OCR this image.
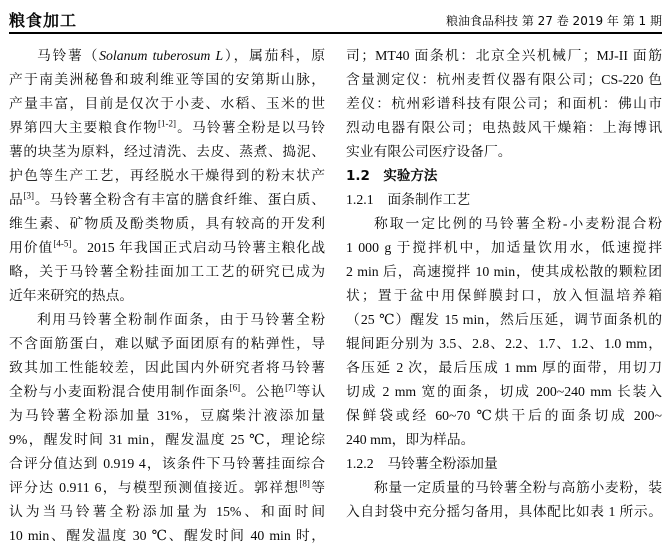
粮食加工	粮油食品科技 第 27 卷 2019 年 第 1 期
马铃薯（Solanum tuberosum L），属茄科，原
产于南美洲秘鲁和玻利维亚等国的安第斯山脉，
产量丰富，目前是仅次于小麦、水稻、玉米的世
界第四大主要粮食作物[1-2]。马铃薯全粉是以马铃
薯的块茎为原料，经过清洗、去皮、蒸煮、捣泥、
护色等生产工艺，再经脱水干燥得到的粉末状产
品[3]。马铃薯全粉含有丰富的膳食纤维、蛋白质、
维生素、矿物质及酚类物质，具有较高的开发利
用价值[4-5]。2015 年我国正式启动马铃薯主粮化战
略，关于马铃薯全粉挂面加工工艺的研究已成为
近年来研究的热点。
利用马铃薯全粉制作面条，由于马铃薯全粉
不含面筋蛋白，难以赋予面团原有的粘弹性，导
致其加工性能较差，因此国内外研究者将马铃薯
全粉与小麦面粉混合使用制作面条[6]。公艳[7]等认
为马铃薯全粉添加量 31%，豆腐柴汁液添加量
9%，醒发时间 31 min，醒发温度 25 ℃，理论综
合评分值达到 0.919 4，该条件下马铃薯挂面综合
评分达 0.911 6，与模型预测值接近。郭祥想[8]等
认为当马铃薯全粉添加量为 15%、和面时间
10 min、醒发温度 30 ℃、醒发时间 40 min 时，
司；MT40 面条机：北京全兴机械厂；MJ-II 面筋
含量测定仪：杭州麦哲仪器有限公司；CS-220 色
差仪：杭州彩谱科技有限公司；和面机：佛山市
烈动电器有限公司；电热鼓风干燥箱：上海博讯
实业有限公司医疗设备厂。
1.2　实验方法
1.2.1　面条制作工艺
称取一定比例的马铃薯全粉-小麦粉混合粉
1 000 g 于搅拌机中，加适量饮用水，低速搅拌
2 min 后，高速搅拌 10 min，使其成松散的颗粒团
状；置于盆中用保鲜膜封口，放入恒温培养箱
（25 ℃）醒发 15 min，然后压延，调节面条机的
辊间距分别为 3.5、2.8、2.2、1.7、1.2、1.0 mm，
各压延 2 次，最后压成 1 mm 厚的面带，用切刀
切成 2 mm 宽的面条，切成 200~240 mm 长装入
保鲜袋或经 60~70 ℃烘干后的面条切成 200~
240 mm，即为样品。
1.2.2　马铃薯全粉添加量
称量一定质量的马铃薯全粉与高筋小麦粉，装
入自封袋中充分摇匀备用，具体配比如表 1 所示。
